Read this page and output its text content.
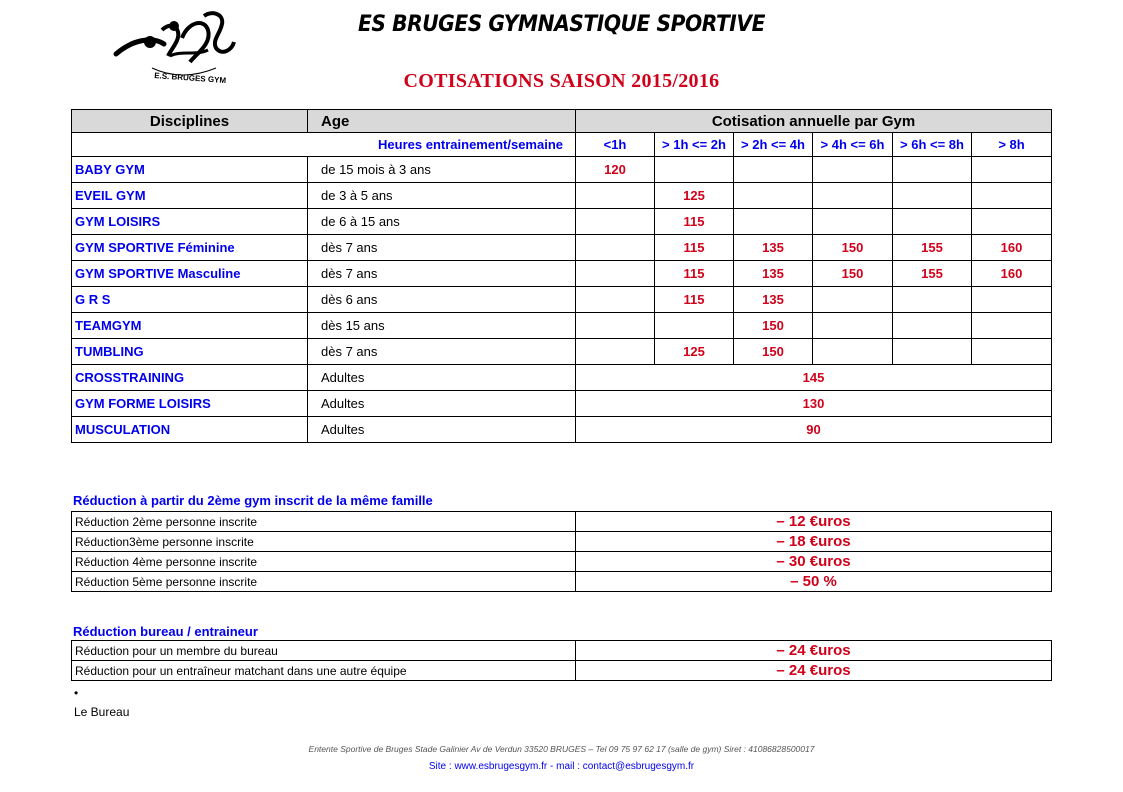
E.S. BRUGES GYM
ES BRUGES GYMNASTIQUE SPORTIVE
COTISATIONS SAISON 2015/2016
Disciplines	Age	Cotisation annuelle par Gym					
	Heures entrainement/semaine	<1h	> 1h <= 2h	> 2h <= 4h	> 4h <= 6h	> 6h <= 8h	> 8h
BABY GYM	de 15 mois à 3 ans	120					
EVEIL GYM	de 3 à 5 ans		125				
GYM LOISIRS	de 6 à 15 ans		115				
GYM SPORTIVE Féminine	dès 7 ans		115	135	150	155	160
GYM SPORTIVE Masculine	dès 7 ans		115	135	150	155	160
G R S	dès 6 ans		115	135			
TEAMGYM	dès 15 ans			150			
TUMBLING	dès 7 ans		125	150			
CROSSTRAINING	Adultes	145					
GYM FORME LOISIRS	Adultes	130					
MUSCULATION	Adultes	90					
Réduction à partir du 2ème gym inscrit de la même famille
Réduction 2ème personne inscrite	– 12 €uros
Réduction3ème personne inscrite	– 18 €uros
Réduction 4ème personne inscrite	– 30 €uros
Réduction 5ème personne inscrite	– 50 %
Réduction bureau / entraineur
Réduction pour un membre du bureau	– 24 €uros
Réduction pour un entraîneur matchant dans une autre équipe	– 24 €uros
•
Le Bureau
Entente Sportive de Bruges Stade Galinier Av de Verdun 33520 BRUGES – Tel 09 75 97 62 17 (salle de gym) Siret : 41086828500017
Site : www.esbrugesgym.fr - mail : contact@esbrugesgym.fr
